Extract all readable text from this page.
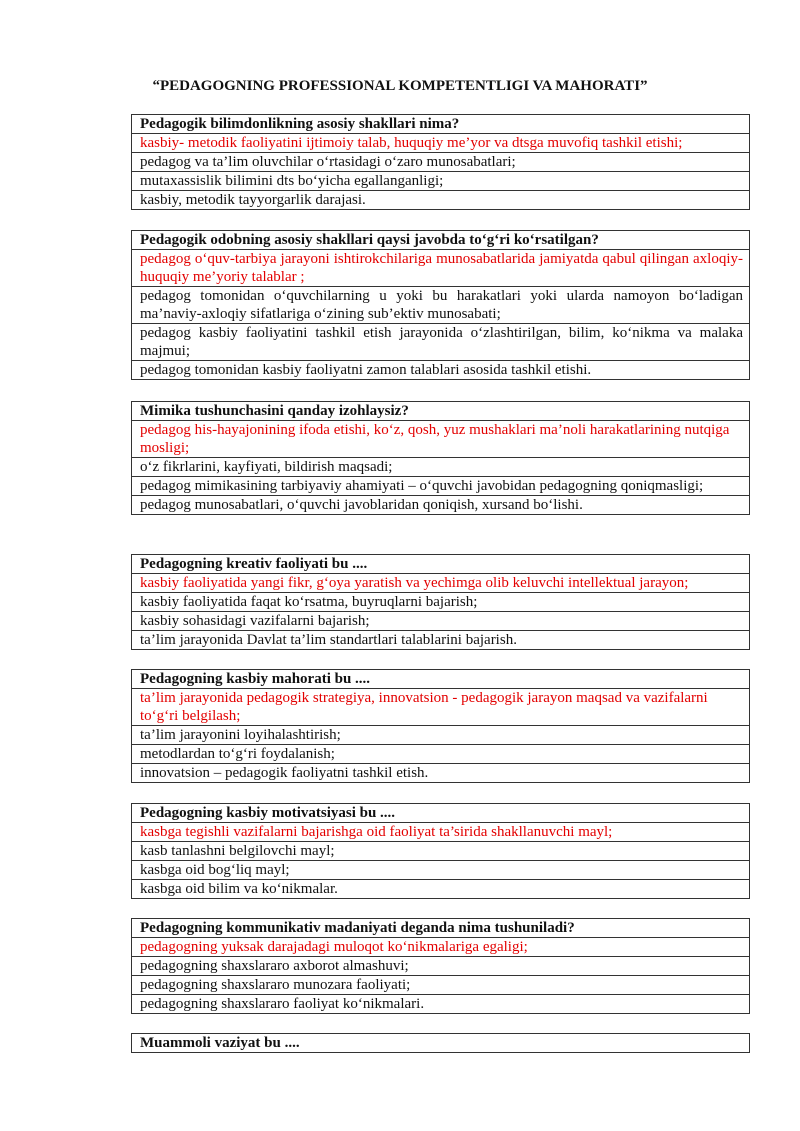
“PEDAGOGNING PROFESSIONAL KOMPETENTLIGI VA MAHORATI”
Pedagogik bilimdonlikning asosiy shakllari nima?
kasbiy- metodik faoliyatini ijtimoiy talab, huquqiy me’yor va dtsga muvofiq tashkil etishi;
pedagog va ta’lim oluvchilar o‘rtasidagi o‘zaro munosabatlari;
mutaxassislik bilimini dts bo‘yicha egallanganligi;
kasbiy, metodik tayyorgarlik darajasi.
Pedagogik odobning asosiy shakllari qaysi javobda to‘g‘ri ko‘rsatilgan?
pedagog o‘quv-tarbiya jarayoni ishtirokchilariga munosabatlarida jamiyatda qabul qilingan axloqiy-huquqiy me’yoriy talablar ;
pedagog tomonidan o‘quvchilarning u yoki bu harakatlari yoki ularda namoyon bo‘ladigan ma’naviy-axloqiy sifatlariga o‘zining sub’ektiv munosabati;
pedagog kasbiy faoliyatini tashkil etish jarayonida o‘zlashtirilgan, bilim, ko‘nikma va malaka majmui;
pedagog tomonidan kasbiy faoliyatni zamon talablari asosida tashkil etishi.
Mimika tushunchasini qanday izohlaysiz?
pedagog his-hayajonining ifoda etishi, ko‘z, qosh, yuz mushaklari ma’noli harakatlarining nutqiga mosligi;
o‘z fikrlarini, kayfiyati, bildirish maqsadi;
pedagog mimikasining tarbiyaviy ahamiyati – o‘quvchi javobidan pedagogning qoniqmasligi;
pedagog munosabatlari, o‘quvchi javoblaridan qoniqish, xursand bo‘lishi.
Pedagogning kreativ faoliyati bu ....
kasbiy faoliyatida yangi fikr, g‘oya yaratish va yechimga olib keluvchi intellektual jarayon;
kasbiy faoliyatida faqat ko‘rsatma, buyruqlarni bajarish;
kasbiy sohasidagi vazifalarni bajarish;
ta’lim jarayonida Davlat ta’lim standartlari talablarini bajarish.
Pedagogning kasbiy mahorati bu ....
ta’lim jarayonida pedagogik strategiya, innovatsion - pedagogik jarayon maqsad va vazifalarni to‘g‘ri belgilash;
ta’lim jarayonini loyihalashtirish;
metodlardan to‘g‘ri foydalanish;
innovatsion – pedagogik faoliyatni tashkil etish.
Pedagogning kasbiy motivatsiyasi bu ....
kasbga tegishli vazifalarni bajarishga oid faoliyat ta’sirida shakllanuvchi mayl;
kasb tanlashni belgilovchi mayl;
kasbga oid bog‘liq mayl;
kasbga oid bilim va ko‘nikmalar.
Pedagogning kommunikativ madaniyati deganda nima tushuniladi?
pedagogning yuksak darajadagi muloqot ko‘nikmalariga egaligi;
pedagogning shaxslararo axborot almashuvi;
pedagogning shaxslararo munozara faoliyati;
pedagogning shaxslararo faoliyat ko‘nikmalari.
Muammoli vaziyat bu ....
